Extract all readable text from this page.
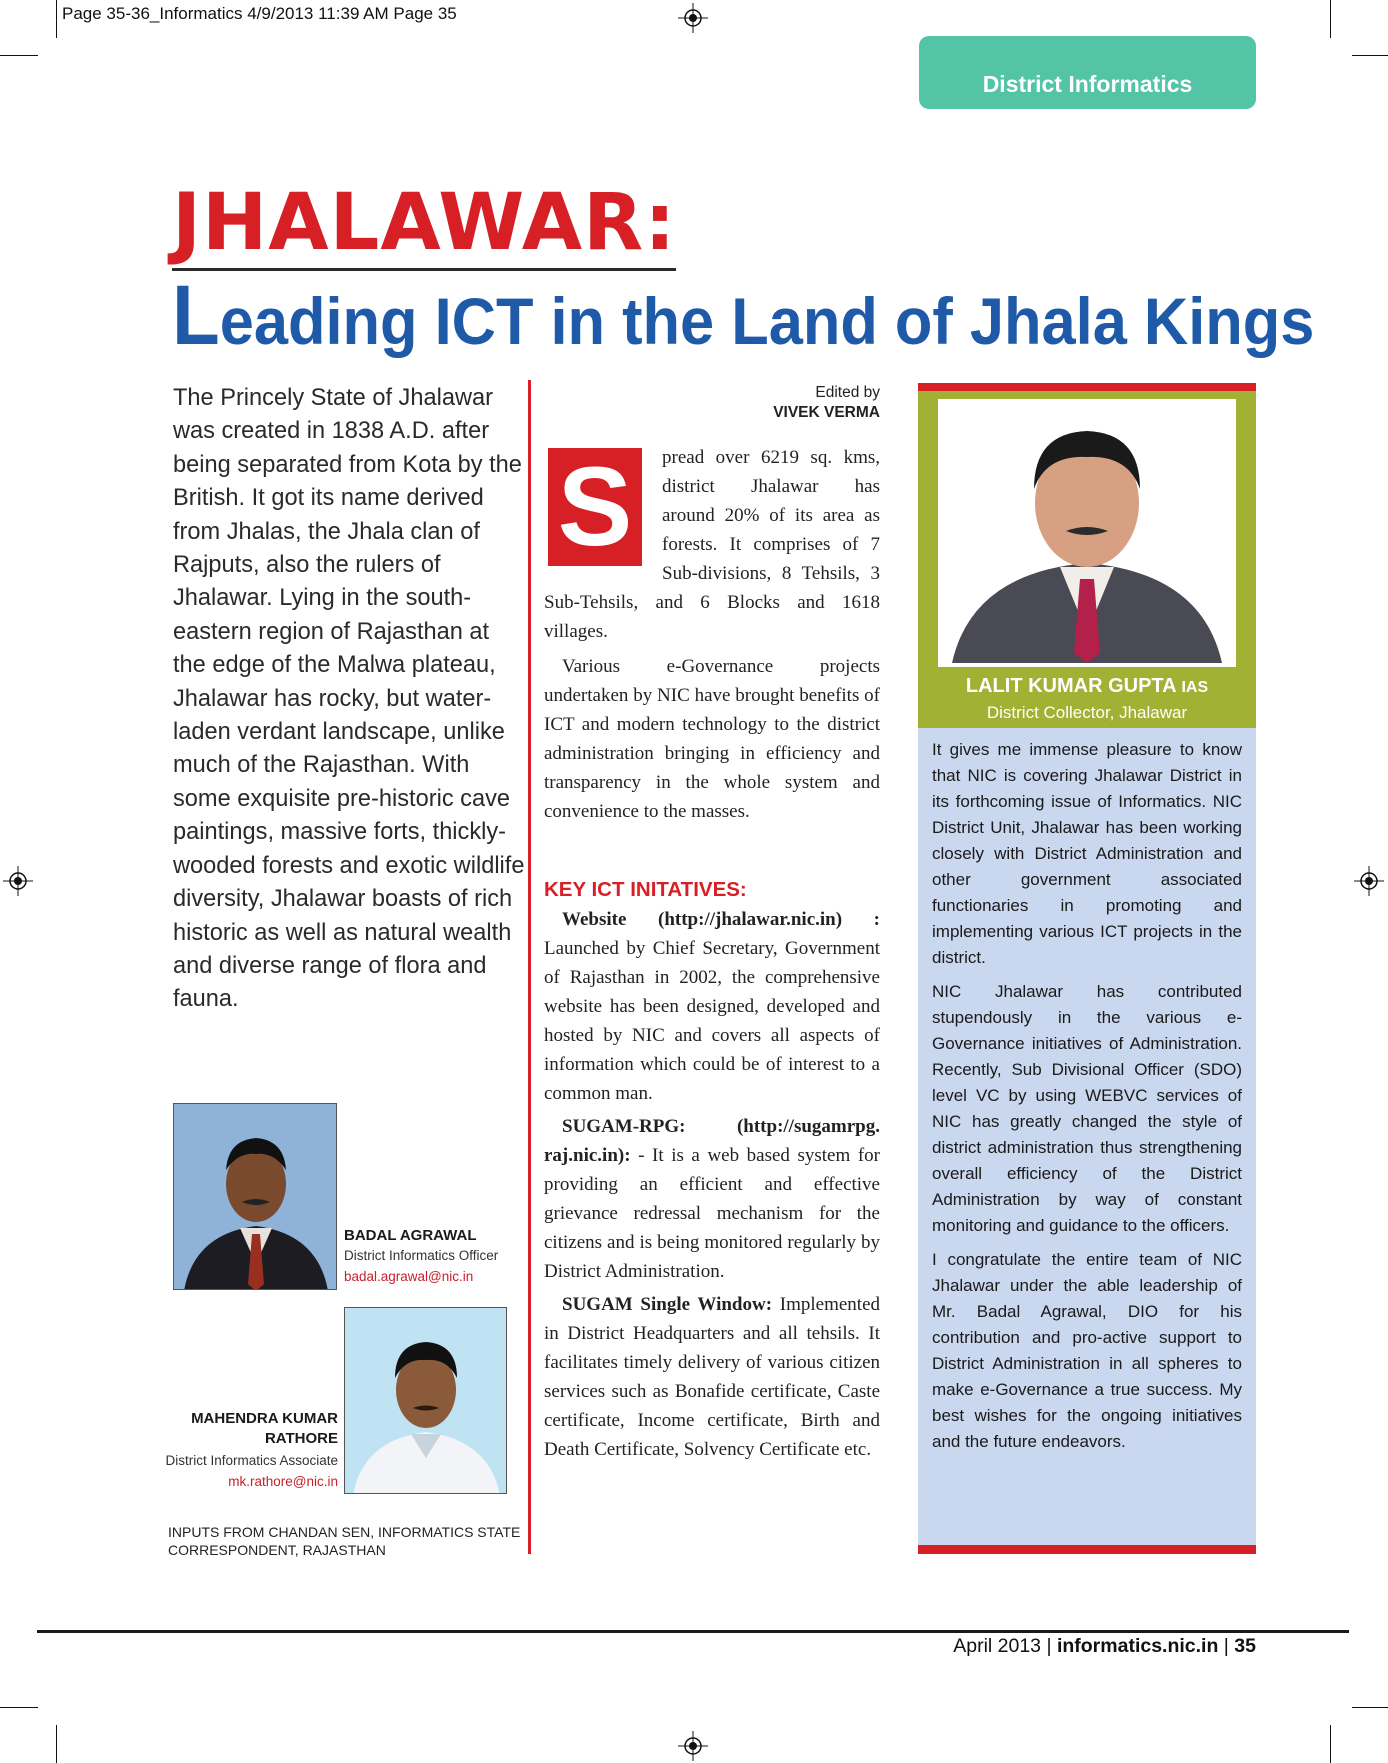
Page 35-36_Informatics 4/9/2013 11:39 AM Page 35
District Informatics
JHALAWAR:
Leading ICT in the Land of Jhala Kings

The Princely State of Jhalawar was created in 1838 A.D. after being separated from Kota by the British. It got its name derived from Jhalas, the Jhala clan of Rajputs, also the rulers of Jhalawar. Lying in the south-eastern region of Rajasthan at the edge of the Malwa plateau, Jhalawar has rocky, but water-laden verdant landscape, unlike much of the Rajasthan. With some exquisite pre-historic cave paintings, massive forts, thickly-wooded forests and exotic wildlife diversity, Jhalawar boasts of rich historic as well as natural wealth and diverse range of flora and fauna.

BADAL AGRAWAL
District Informatics Officer
badal.agrawal@nic.in
MAHENDRA KUMAR
RATHORE
District Informatics Associate
mk.rathore@nic.in
INPUTS FROM CHANDAN SEN, INFORMATICS STATE CORRESPONDENT, RAJASTHAN
Edited by
VIVEK VERMA
S	pread over 6219 sq. kms,
district Jhalawar has
around 20% of its area as
forests. It comprises of 7
Sub-divisions, 8 Tehsils, 3

Sub-Tehsils, and 6 Blocks and 1618 villages.

Various e-Governance projects undertaken by NIC have brought benefits of ICT and modern technology to the district administration bringing in efficiency and transparency in the whole system and convenience to the masses.

KEY ICT INITATIVES:

Website (http://jhalawar.nic.in) : Launched by Chief Secretary, Government of Rajasthan in 2002, the comprehensive website has been designed, developed and hosted by NIC and covers all aspects of information which could be of interest to a common man.

SUGAM-RPG: (http://sugamrpg. raj.nic.in): - It is a web based system for providing an efficient and effective grievance redressal mechanism for the citizens and is being monitored regularly by District Administration.

SUGAM Single Window: Implemented in District Headquarters and all tehsils. It facilitates timely delivery of various citizen services such as Bonafide certificate, Caste certificate, Income certificate, Birth and Death Certificate, Solvency Certificate etc.

LALIT KUMAR GUPTA IAS
District Collector, Jhalawar

It gives me immense pleasure to know that NIC is covering Jhalawar District in its forthcoming issue of Informatics. NIC District Unit, Jhalawar has been working closely with District Administration and other government associated functionaries in promoting and implementing various ICT projects in the district.

NIC Jhalawar has contributed stupendously in the various e-Governance initiatives of Administration. Recently, Sub Divisional Officer (SDO) level VC by using WEBVC services of NIC has greatly changed the style of district administration thus strengthening overall efficiency of the District Administration by way of constant monitoring and guidance to the officers.

I congratulate the entire team of NIC Jhalawar under the able leadership of Mr. Badal Agrawal, DIO for his contribution and pro-active support to District Administration in all spheres to make e-Governance a true success. My best wishes for the ongoing initiatives and the future endeavors.

April 2013 | informatics.nic.in | 35
